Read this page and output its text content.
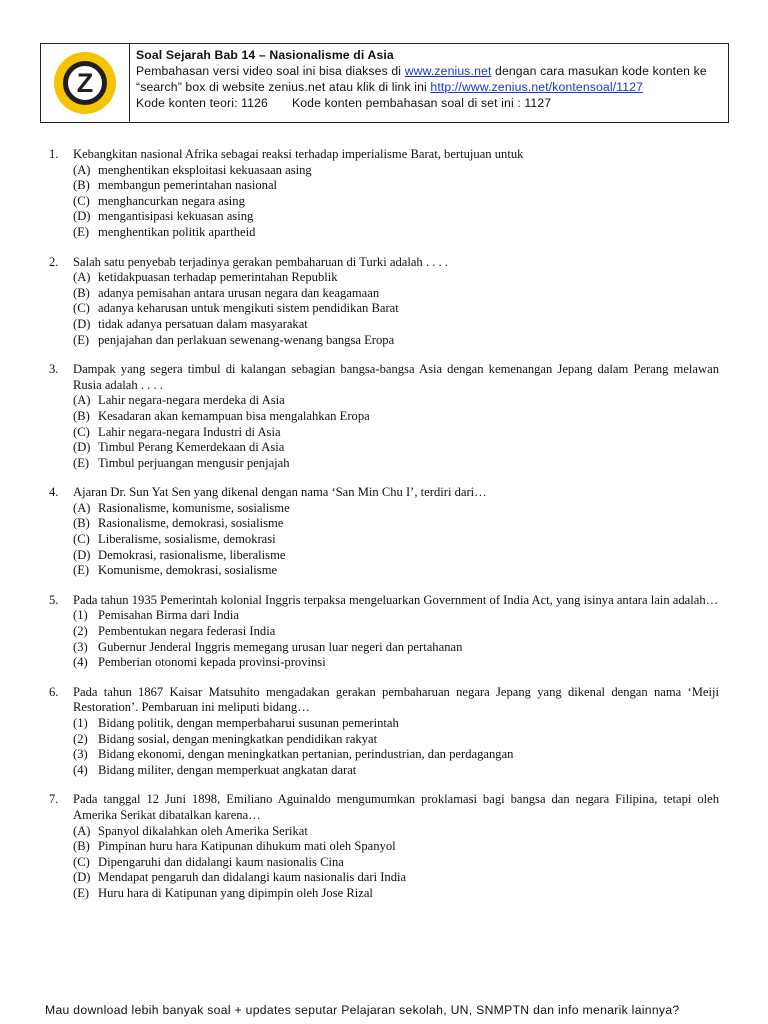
Z
Soal Sejarah Bab 14 – Nasionalisme di Asia
Pembahasan versi video soal ini bisa diakses di www.zenius.net dengan cara masukan kode konten ke
“search” box di website zenius.net atau klik di link ini http://www.zenius.net/kontensoal/1127
Kode konten teori: 1126 Kode konten pembahasan soal di set ini : 1127
1.	Kebangkitan nasional Afrika sebagai reaksi terhadap imperialisme Barat, bertujuan untuk
(A) menghentikan eksploitasi kekuasaan asing
(B) membangun pemerintahan nasional
(C) menghancurkan negara asing
(D) mengantisipasi kekuasan asing
(E) menghentikan politik apartheid
2.	Salah satu penyebab terjadinya gerakan pembaharuan di Turki adalah . . . .
(A) ketidakpuasan terhadap pemerintahan Republik
(B) adanya pemisahan antara urusan negara dan keagamaan
(C) adanya keharusan untuk mengikuti sistem pendidikan Barat
(D) tidak adanya persatuan dalam masyarakat
(E) penjajahan dan perlakuan sewenang-wenang bangsa Eropa
3.	Dampak yang segera timbul di kalangan sebagian bangsa-bangsa Asia dengan kemenangan Jepang dalam Perang melawan Rusia adalah . . . .
(A) Lahir negara-negara merdeka di Asia
(B) Kesadaran akan kemampuan bisa mengalahkan Eropa
(C) Lahir negara-negara Industri di Asia
(D) Timbul Perang Kemerdekaan di Asia
(E) Timbul perjuangan mengusir penjajah
4.	Ajaran Dr. Sun Yat Sen yang dikenal dengan nama ‘San Min Chu I’, terdiri dari…
(A) Rasionalisme, komunisme, sosialisme
(B) Rasionalisme, demokrasi, sosialisme
(C) Liberalisme, sosialisme, demokrasi
(D) Demokrasi, rasionalisme, liberalisme
(E) Komunisme, demokrasi, sosialisme
5.	Pada tahun 1935 Pemerintah kolonial Inggris terpaksa mengeluarkan Government of India Act, yang isinya antara lain adalah…
(1) Pemisahan Birma dari India
(2) Pembentukan negara federasi India
(3) Gubernur Jenderal Inggris memegang urusan luar negeri dan pertahanan
(4) Pemberian otonomi kepada provinsi-provinsi
6.	Pada tahun 1867 Kaisar Matsuhito mengadakan gerakan pembaharuan negara Jepang yang dikenal dengan nama ‘Meiji Restoration’. Pembaruan ini meliputi bidang…
(1) Bidang politik, dengan memperbaharui susunan pemerintah
(2) Bidang sosial, dengan meningkatkan pendidikan rakyat
(3) Bidang ekonomi, dengan meningkatkan pertanian, perindustrian, dan perdagangan
(4) Bidang militer, dengan memperkuat angkatan darat
7.	Pada tanggal 12 Juni 1898, Emiliano Aguinaldo mengumumkan proklamasi bagi bangsa dan negara Filipina, tetapi oleh Amerika Serikat dibatalkan karena…
(A) Spanyol dikalahkan oleh Amerika Serikat
(B) Pimpinan huru hara Katipunan dihukum mati oleh Spanyol
(C) Dipengaruhi dan didalangi kaum nasionalis Cina
(D) Mendapat pengaruh dan didalangi kaum nasionalis dari India
(E) Huru hara di Katipunan yang dipimpin oleh Jose Rizal
Mau download lebih banyak soal + updates seputar Pelajaran sekolah, UN, SNMPTN dan info menarik lainnya?
